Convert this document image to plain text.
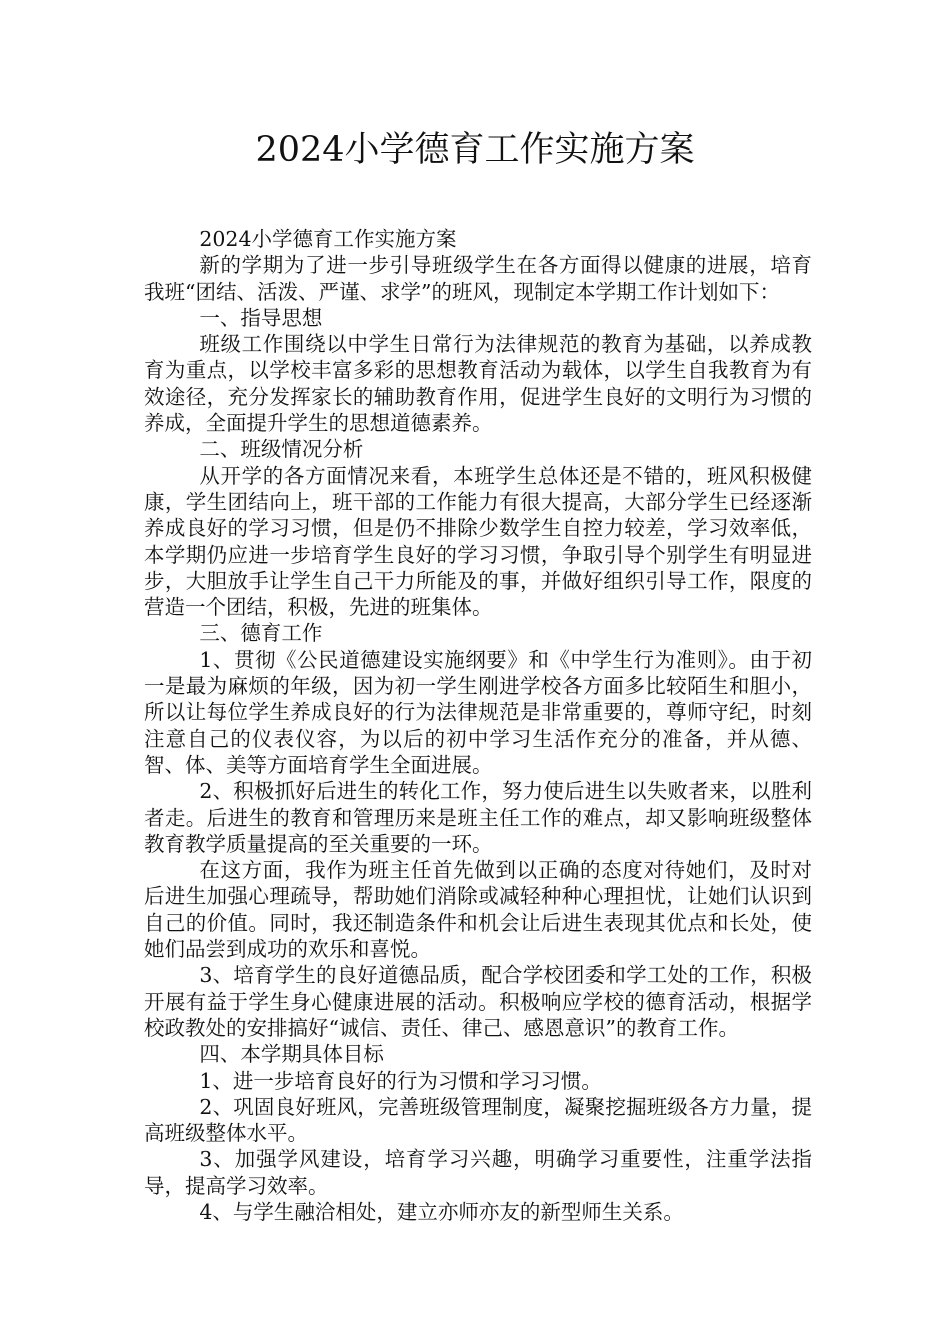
2024小学德育工作实施方案

2024小学德育工作实施方案

新的学期为了进一步引导班级学生在各方面得以健康的进展，培育我班“团结、活泼、严谨、求学”的班风，现制定本学期工作计划如下：

一、指导思想

班级工作围绕以中学生日常行为法律规范的教育为基础，以养成教育为重点，以学校丰富多彩的思想教育活动为载体，以学生自我教育为有效途径，充分发挥家长的辅助教育作用，促进学生良好的文明行为习惯的养成，全面提升学生的思想道德素养。

二、班级情况分析

从开学的各方面情况来看，本班学生总体还是不错的，班风积极健康，学生团结向上，班干部的工作能力有很大提高，大部分学生已经逐渐养成良好的学习习惯，但是仍不排除少数学生自控力较差，学习效率低，本学期仍应进一步培育学生良好的学习习惯，争取引导个别学生有明显进步，大胆放手让学生自己干力所能及的事，并做好组织引导工作，限度的营造一个团结，积极，先进的班集体。

三、德育工作

1、贯彻《公民道德建设实施纲要》和《中学生行为准则》。由于初一是最为麻烦的年级，因为初一学生刚进学校各方面多比较陌生和胆小，所以让每位学生养成良好的行为法律规范是非常重要的，尊师守纪，时刻注意自己的仪表仪容，为以后的初中学习生活作充分的准备，并从德、智、体、美等方面培育学生全面进展。

2、积极抓好后进生的转化工作，努力使后进生以失败者来，以胜利者走。后进生的教育和管理历来是班主任工作的难点，却又影响班级整体教育教学质量提高的至关重要的一环。

在这方面，我作为班主任首先做到以正确的态度对待她们，及时对后进生加强心理疏导，帮助她们消除或减轻种种心理担忧，让她们认识到自己的价值。同时，我还制造条件和机会让后进生表现其优点和长处，使她们品尝到成功的欢乐和喜悦。

3、培育学生的良好道德品质，配合学校团委和学工处的工作，积极开展有益于学生身心健康进展的活动。积极响应学校的德育活动，根据学校政教处的安排搞好“诚信、责任、律己、感恩意识”的教育工作。

四、本学期具体目标

1、进一步培育良好的行为习惯和学习习惯。

2、巩固良好班风，完善班级管理制度，凝聚挖掘班级各方力量，提高班级整体水平。

3、加强学风建设，培育学习兴趣，明确学习重要性，注重学法指导，提高学习效率。

4、与学生融洽相处，建立亦师亦友的新型师生关系。
